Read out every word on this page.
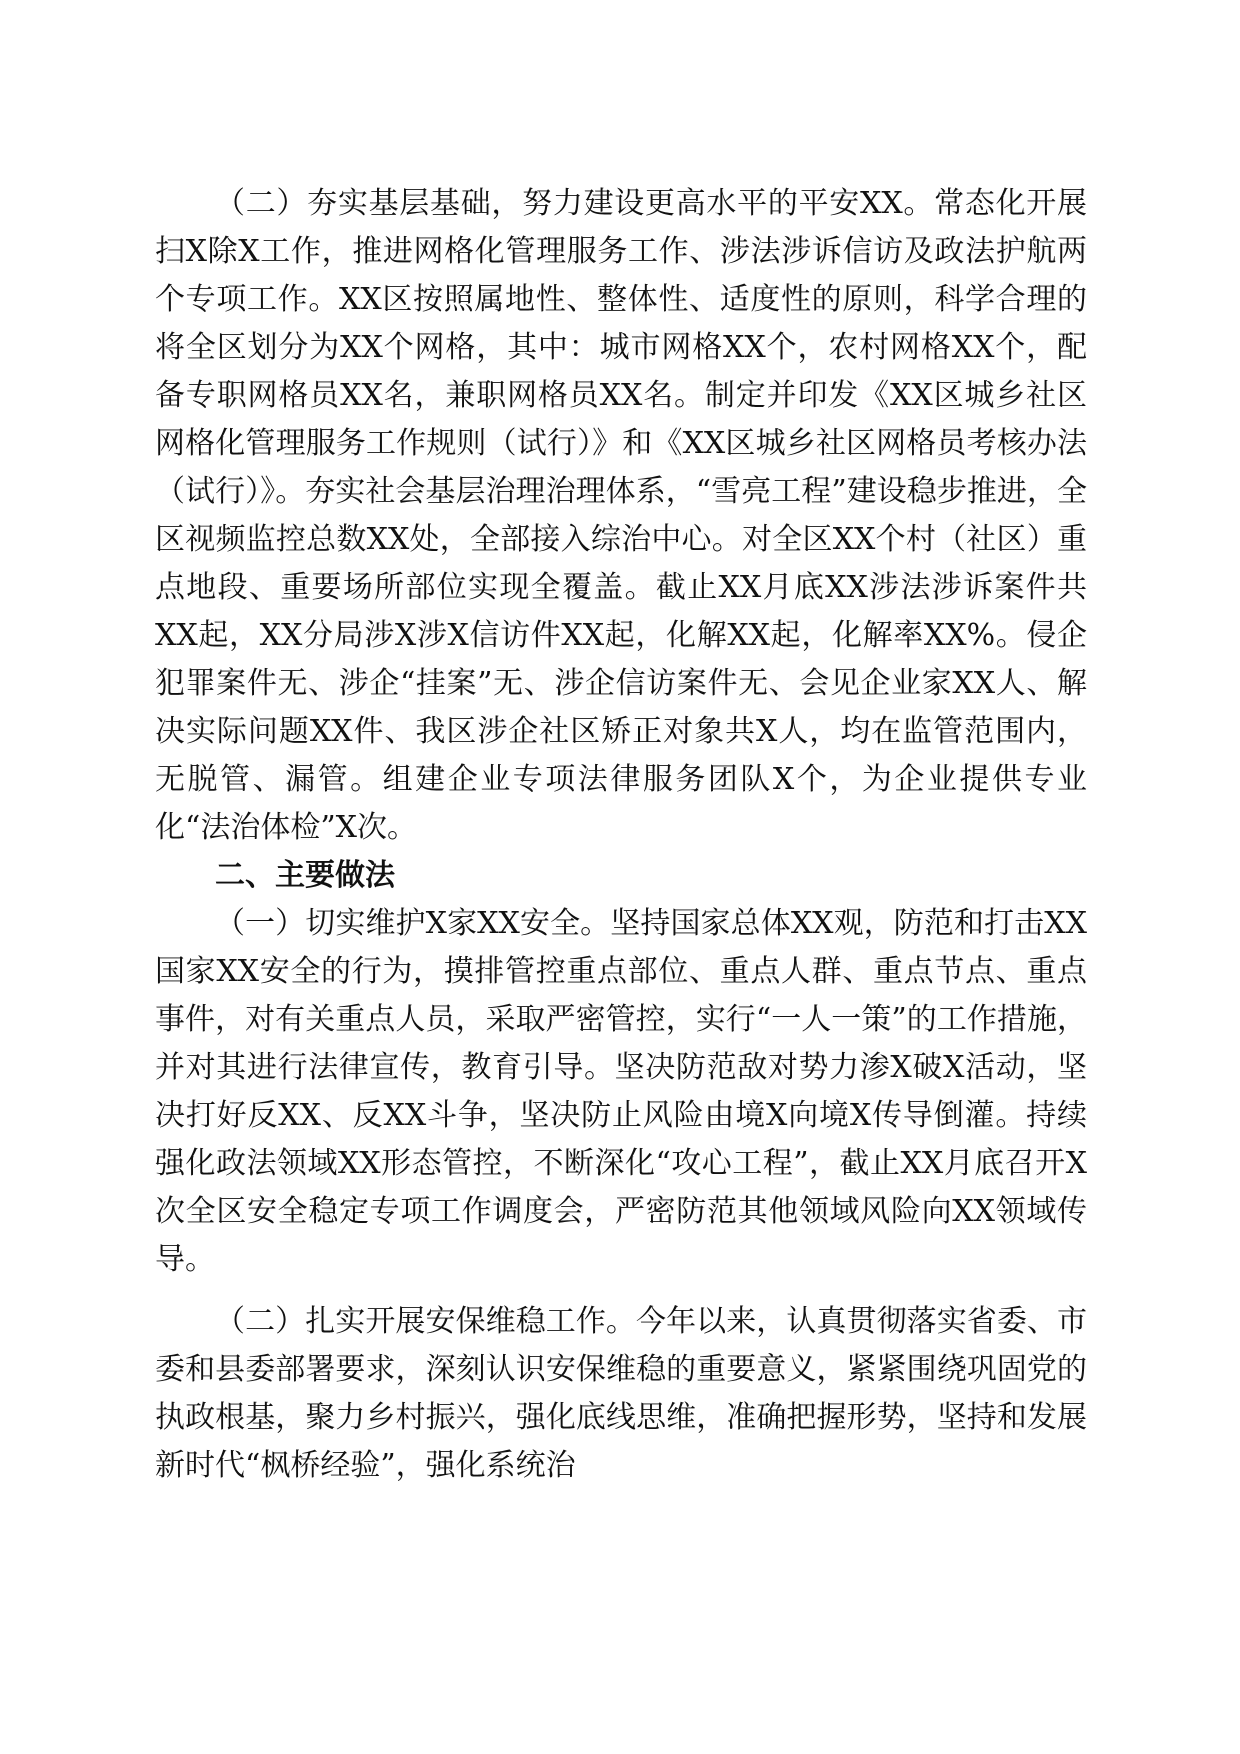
（二）夯实基层基础，努力建设更高水平的平安XX。常态化开展扫X除X工作，推进网格化管理服务工作、涉法涉诉信访及政法护航两个专项工作。XX区按照属地性、整体性、适度性的原则，科学合理的将全区划分为XX个网格，其中：城市网格XX个，农村网格XX个，配备专职网格员XX名，兼职网格员XX名。制定并印发《XX区城乡社区网格化管理服务工作规则（试行）》和《XX区城乡社区网格员考核办法（试行）》。夯实社会基层治理治理体系，“雪亮工程”建设稳步推进，全区视频监控总数XX处，全部接入综治中心。对全区XX个村（社区）重点地段、重要场所部位实现全覆盖。截止XX月底XX涉法涉诉案件共XX起，XX分局涉X涉X信访件XX起，化解XX起，化解率XX%。侵企犯罪案件无、涉企“挂案”无、涉企信访案件无、会见企业家XX人、解决实际问题XX件、我区涉企社区矫正对象共X人，均在监管范围内，无脱管、漏管。组建企业专项法律服务团队X个，为企业提供专业化“法治体检”X次。

二、主要做法

（一）切实维护X家XX安全。坚持国家总体XX观，防范和打击XX国家XX安全的行为，摸排管控重点部位、重点人群、重点节点、重点事件，对有关重点人员，采取严密管控，实行“一人一策”的工作措施，并对其进行法律宣传，教育引导。坚决防范敌对势力渗X破X活动，坚决打好反XX、反XX斗争，坚决防止风险由境X向境X传导倒灌。持续强化政法领域XX形态管控，不断深化“攻心工程”，截止XX月底召开X次全区安全稳定专项工作调度会，严密防范其他领域风险向XX领域传导。

（二）扎实开展安保维稳工作。今年以来，认真贯彻落实省委、市委和县委部署要求，深刻认识安保维稳的重要意义，紧紧围绕巩固党的执政根基，聚力乡村振兴，强化底线思维，准确把握形势，坚持和发展新时代“枫桥经验”，强化系统治
